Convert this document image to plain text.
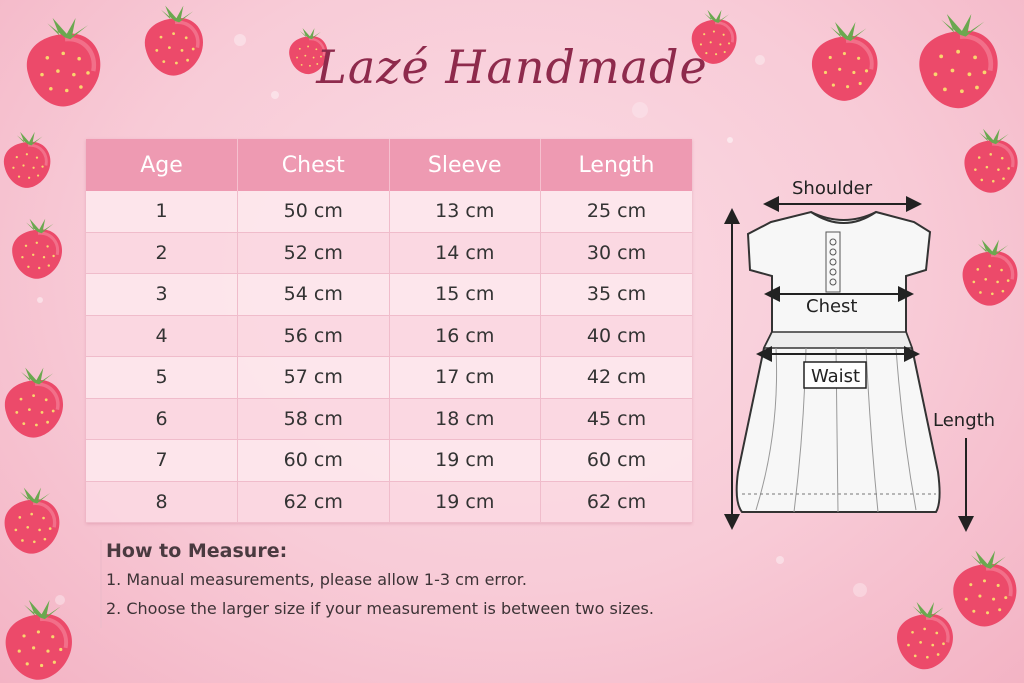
Lazé Handmade
Age	Chest	Sleeve	Length
1	50 cm	13 cm	25 cm
2	52 cm	14 cm	30 cm
3	54 cm	15 cm	35 cm
4	56 cm	16 cm	40 cm
5	57 cm	17 cm	42 cm
6	58 cm	18 cm	45 cm
7	60 cm	19 cm	60 cm
8	62 cm	19 cm	62 cm

How to Measure:

1. Manual measurements, please allow 1-3 cm error.

2. Choose the larger size if your measurement is between two sizes.

Shoulder
Chest
Waist
Length
